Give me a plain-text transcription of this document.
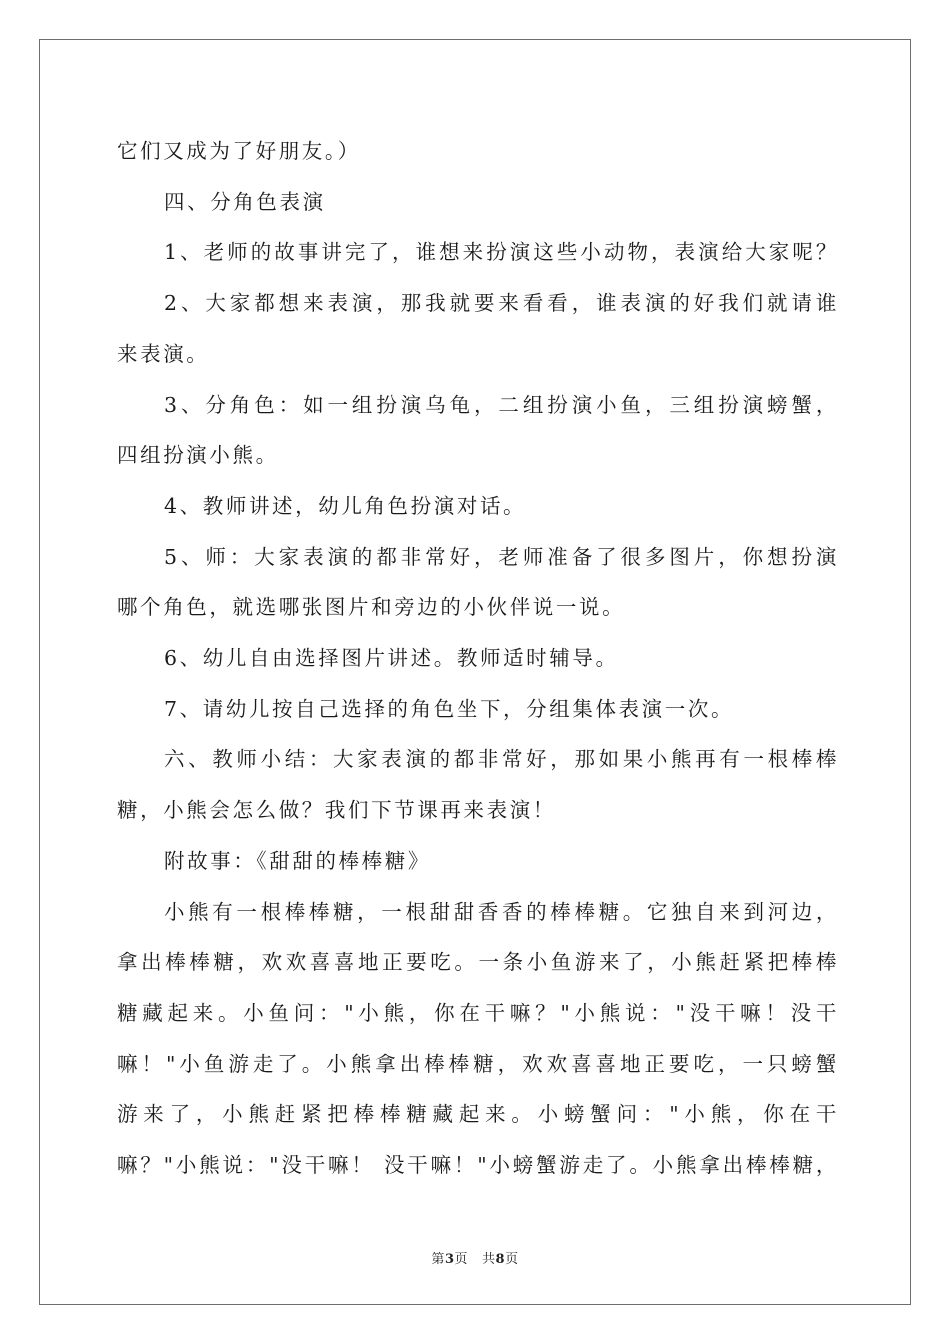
它们又成为了好朋友。）

四、分角色表演

1、老师的故事讲完了，谁想来扮演这些小动物，表演给大家呢？

2、大家都想来表演，那我就要来看看，谁表演的好我们就请谁

来表演。

3、分角色：如一组扮演乌龟，二组扮演小鱼，三组扮演螃蟹，

四组扮演小熊。

4、教师讲述，幼儿角色扮演对话。

5、师：大家表演的都非常好，老师准备了很多图片，你想扮演

哪个角色，就选哪张图片和旁边的小伙伴说一说。

6、幼儿自由选择图片讲述。教师适时辅导。

7、请幼儿按自己选择的角色坐下，分组集体表演一次。

六、教师小结：大家表演的都非常好，那如果小熊再有一根棒棒

糖，小熊会怎么做？我们下节课再来表演！

附故事：《甜甜的棒棒糖》

小熊有一根棒棒糖，一根甜甜香香的棒棒糖。它独自来到河边，

拿出棒棒糖，欢欢喜喜地正要吃。一条小鱼游来了，小熊赶紧把棒棒

糖藏起来。小鱼问："小熊，你在干嘛？"小熊说："没干嘛！没干

嘛！"小鱼游走了。小熊拿出棒棒糖，欢欢喜喜地正要吃，一只螃蟹

游来了，小熊赶紧把棒棒糖藏起来。小螃蟹问："小熊，你在干

嘛？"小熊说："没干嘛！ 没干嘛！"小螃蟹游走了。小熊拿出棒棒糖，

第3页 共8页
